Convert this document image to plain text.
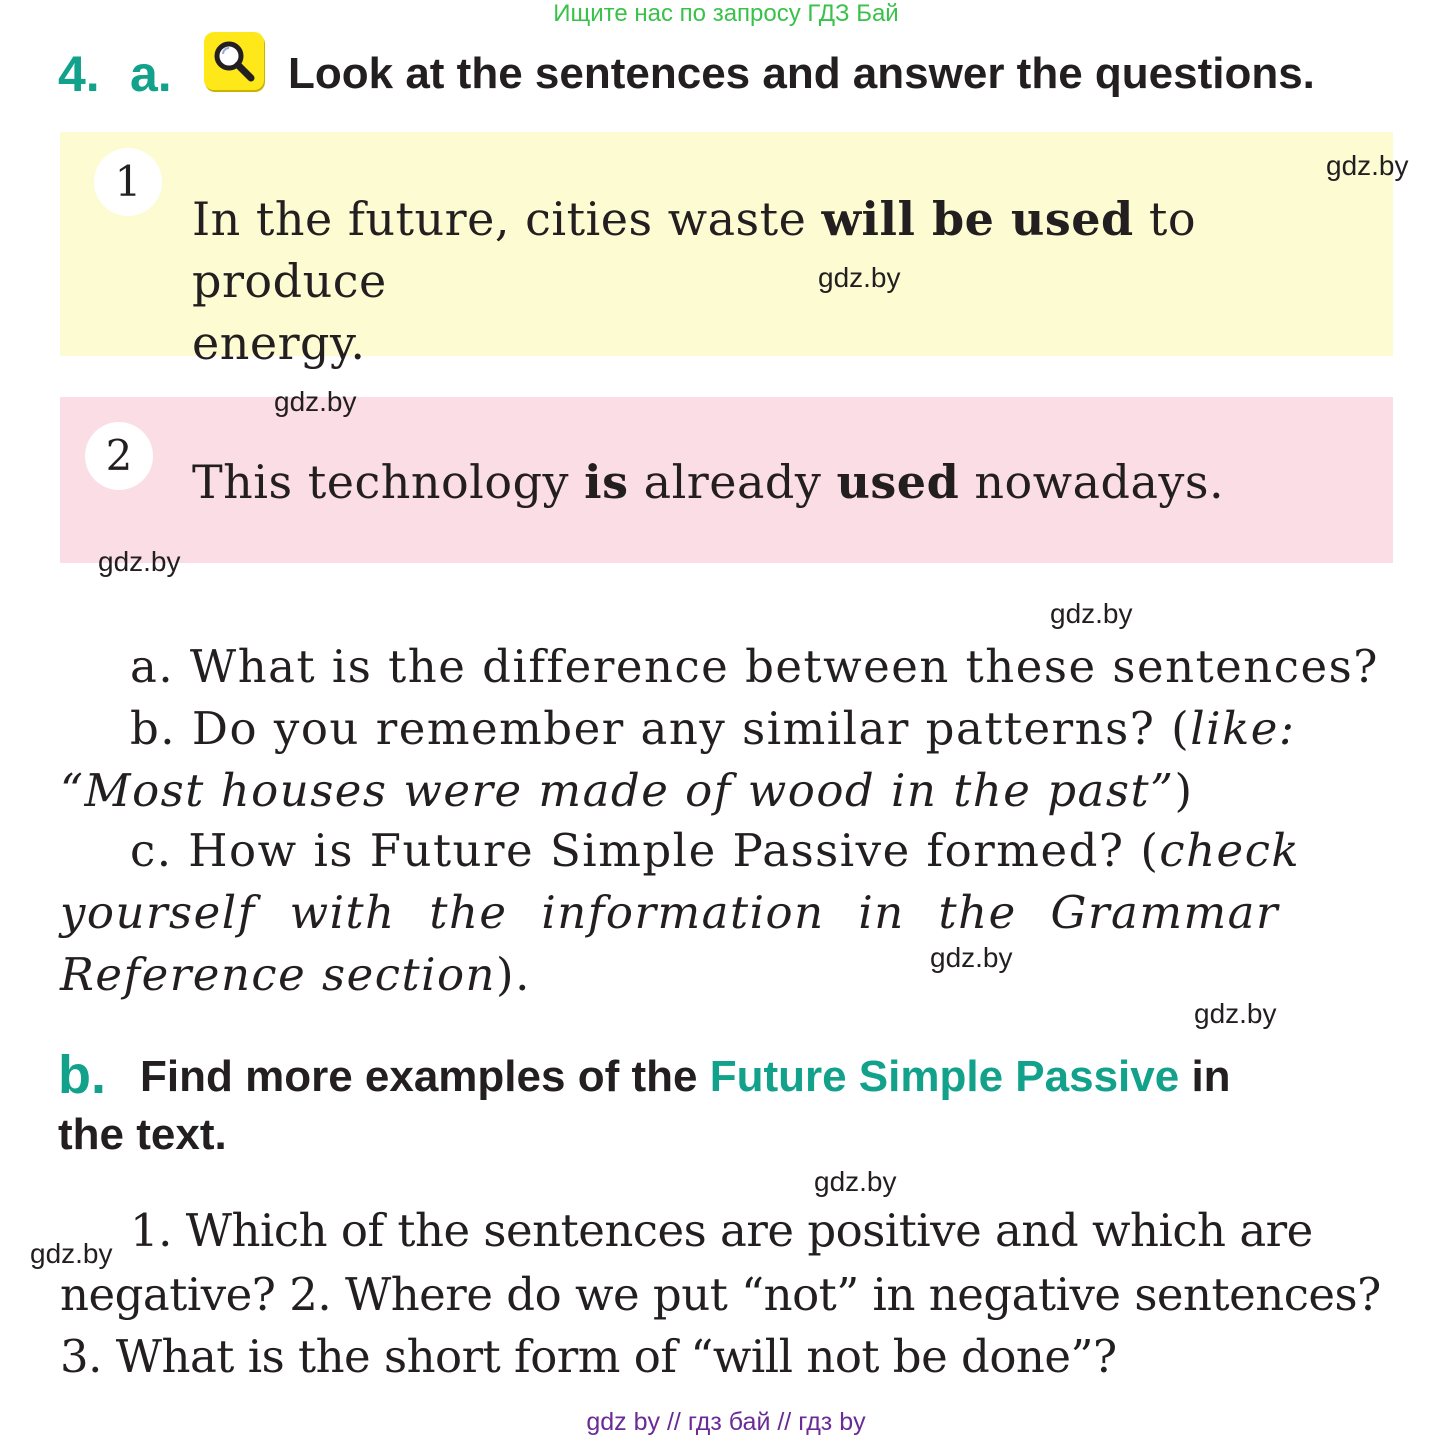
Ищите нас по запросу ГДЗ Бай
4. a.	Look at the sentences and answer the questions.
1
In the future, cities waste will be used to produce
energy.
2	This technology is already used nowadays.
a. What is the difference between these sentences?
b. Do you remember any similar patterns? (like:
“Most houses were made of wood in the past”)
c. How is Future Simple Passive formed? (check
yourself with the information in the Grammar
Reference section).
b. Find more examples of the Future Simple Passive in
the text.
1. Which of the sentences are positive and which are
negative? 2. Where do we put “not” in negative sentences?
3. What is the short form of “will not be done”?
gdz.by
gdz.by
gdz.by
gdz.by
gdz.by
gdz.by
gdz.by
gdz.by
gdz.by
gdz by // гдз бай // гдз by
